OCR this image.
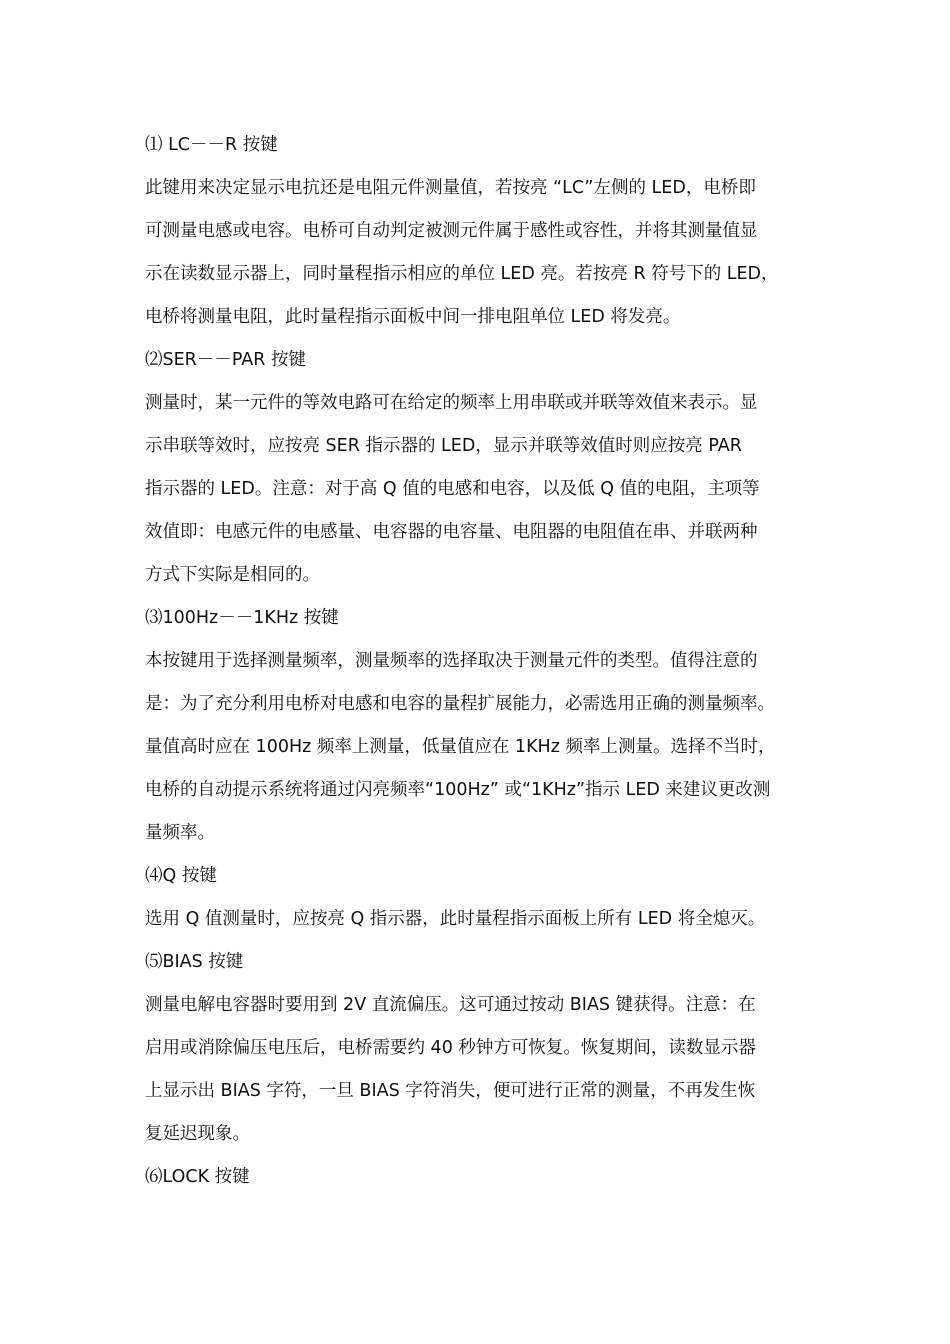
⑴ LC－－R 按键
此键用来决定显示电抗还是电阻元件测量值，若按亮 “LC”左侧的 LED，电桥即
可测量电感或电容。电桥可自动判定被测元件属于感性或容性，并将其测量值显
示在读数显示器上，同时量程指示相应的单位 LED 亮。若按亮 R 符号下的 LED，
电桥将测量电阻，此时量程指示面板中间一排电阻单位 LED 将发亮。
⑵SER－－PAR 按键
测量时，某一元件的等效电路可在给定的频率上用串联或并联等效值来表示。显
示串联等效时，应按亮 SER 指示器的 LED，显示并联等效值时则应按亮 PAR
指示器的 LED。注意：对于高 Q 值的电感和电容，以及低 Q 值的电阻，主项等
效值即：电感元件的电感量、电容器的电容量、电阻器的电阻值在串、并联两种
方式下实际是相同的。
⑶100Hz－－1KHz 按键
本按键用于选择测量频率，测量频率的选择取决于测量元件的类型。值得注意的
是：为了充分利用电桥对电感和电容的量程扩展能力，必需选用正确的测量频率。
量值高时应在 100Hz 频率上测量，低量值应在 1KHz 频率上测量。选择不当时，
电桥的自动提示系统将通过闪亮频率“100Hz” 或“1KHz”指示 LED 来建议更改测
量频率。
⑷Q 按键
选用 Q 值测量时，应按亮 Q 指示器，此时量程指示面板上所有 LED 将全熄灭。
⑸BIAS 按键
测量电解电容器时要用到 2V 直流偏压。这可通过按动 BIAS 键获得。注意：在
启用或消除偏压电压后，电桥需要约 40 秒钟方可恢复。恢复期间，读数显示器
上显示出 BIAS 字符，一旦 BIAS 字符消失，便可进行正常的测量，不再发生恢
复延迟现象。
⑹LOCK 按键
